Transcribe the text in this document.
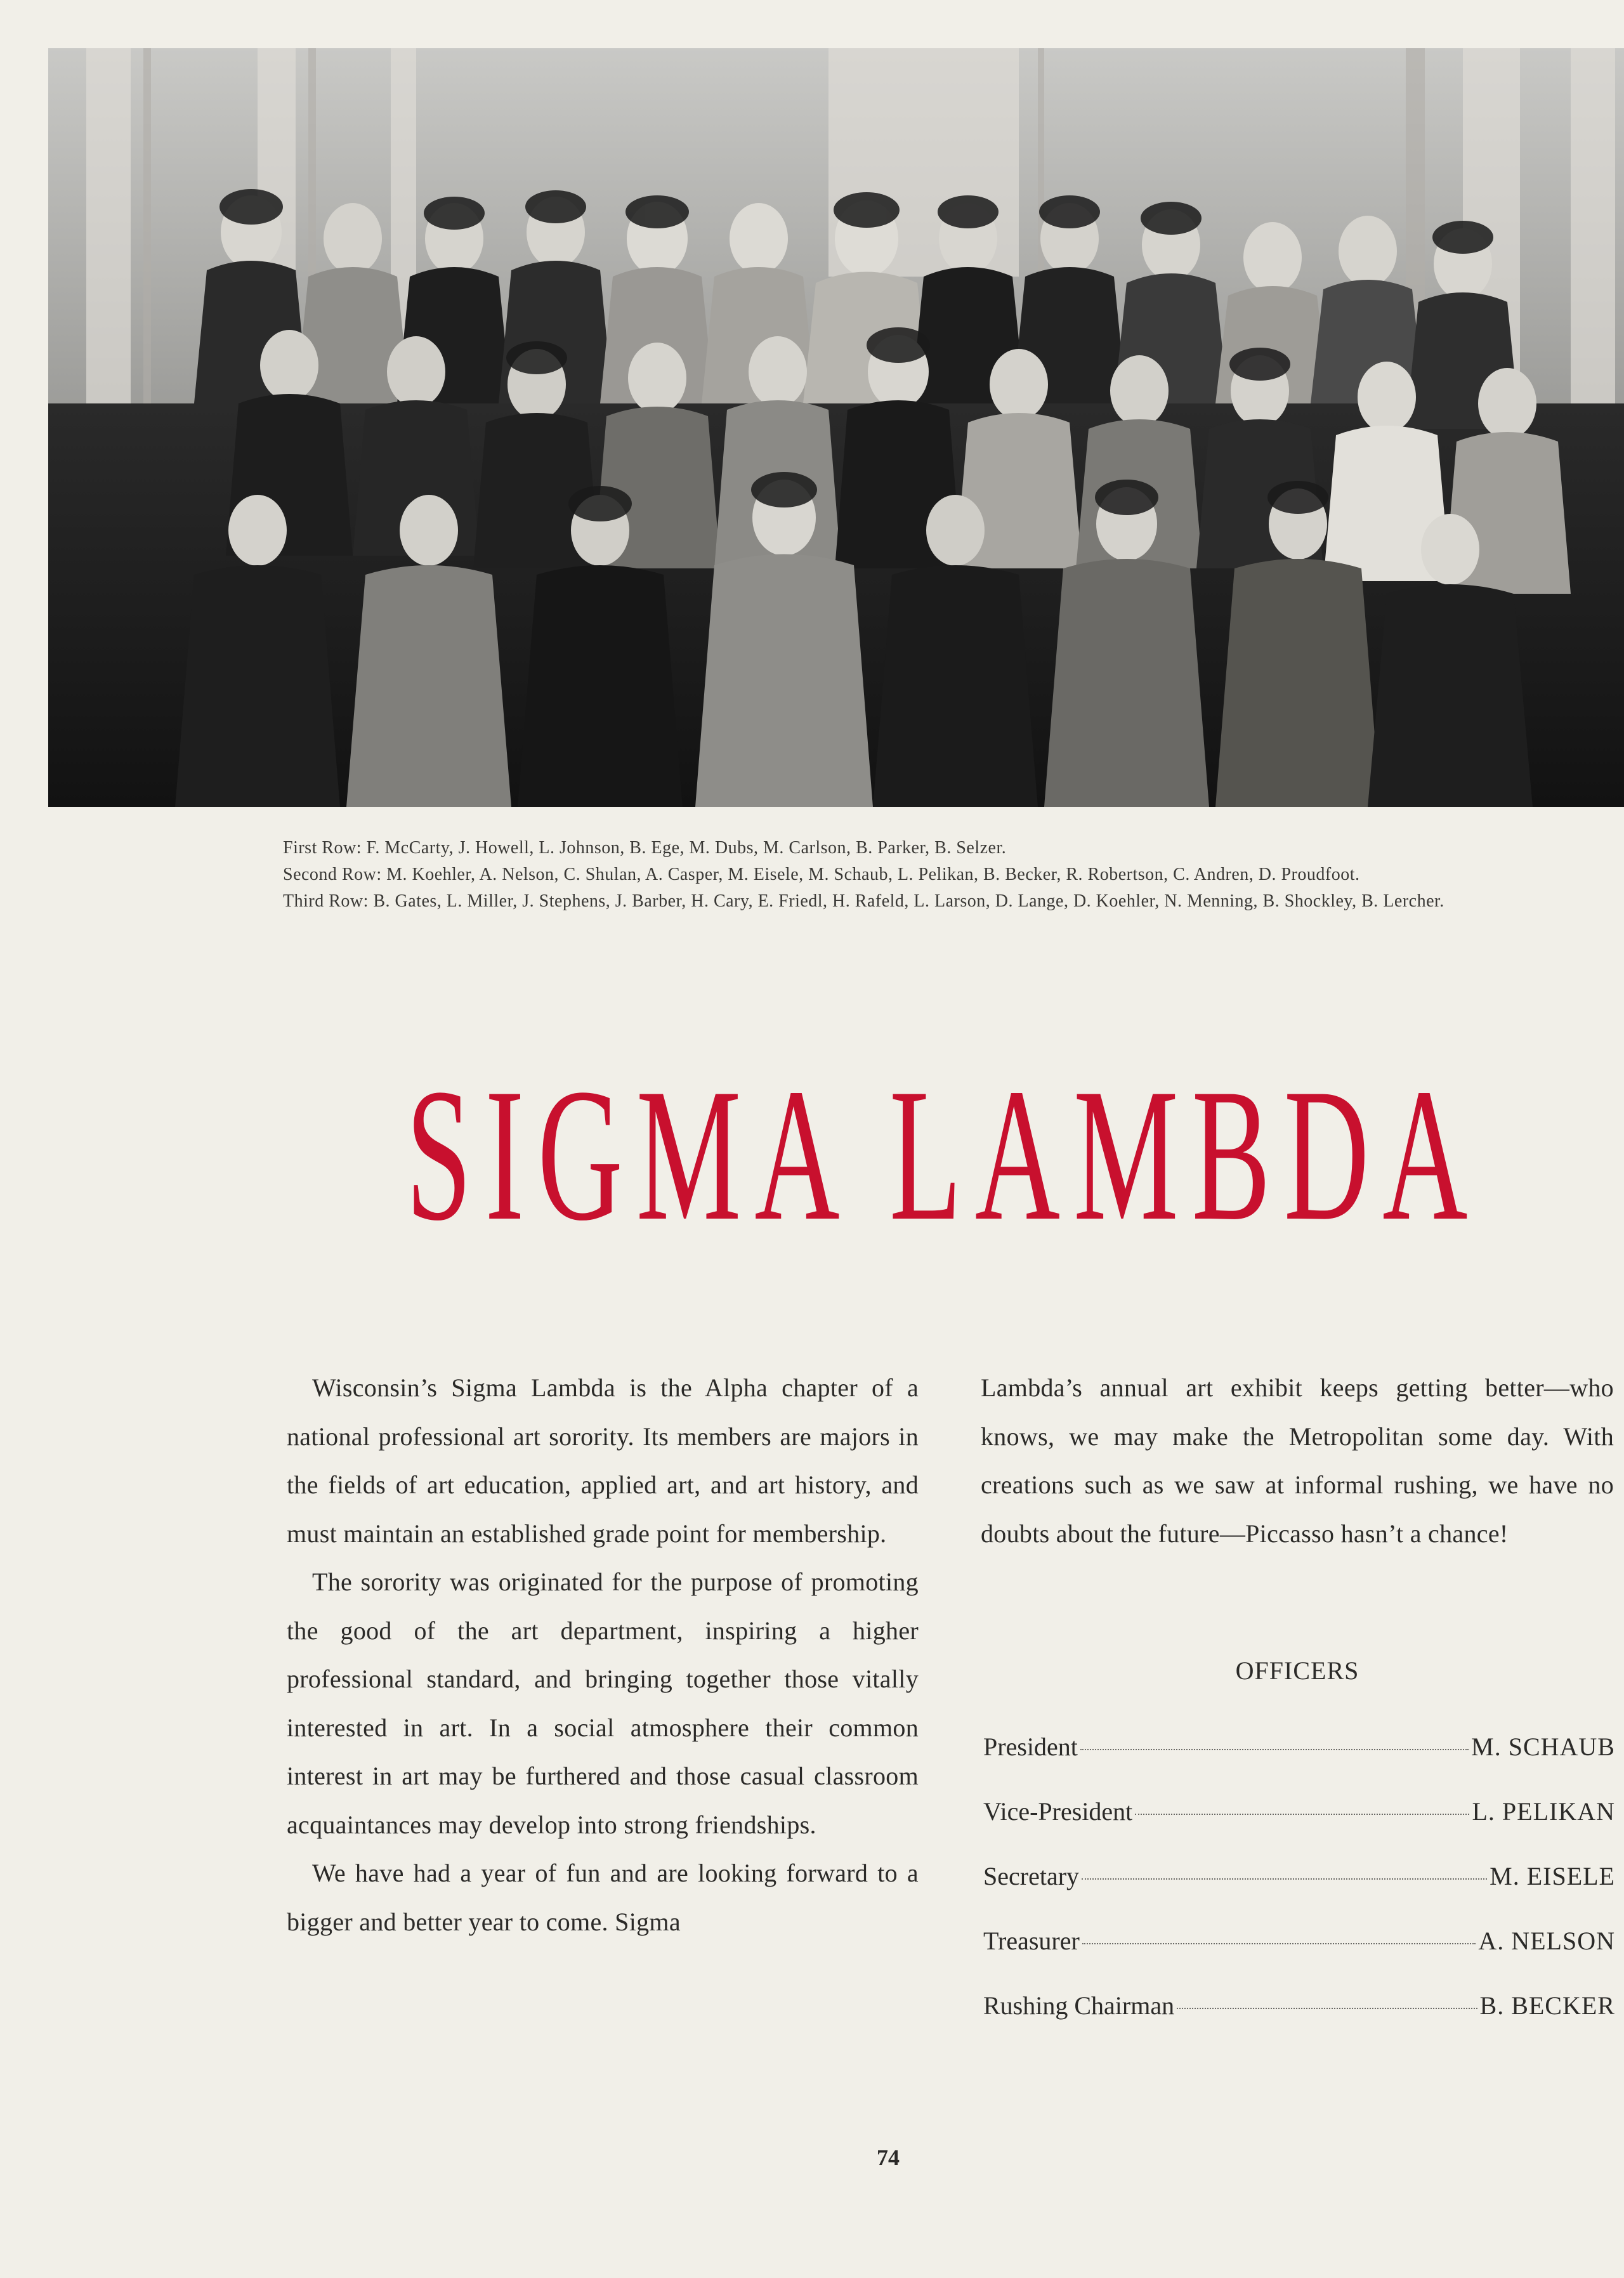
First Row: F. McCarty, J. Howell, L. Johnson, B. Ege, M. Dubs, M. Carlson, B. Parker, B. Selzer.

Second Row: M. Koehler, A. Nelson, C. Shulan, A. Casper, M. Eisele, M. Schaub, L. Pelikan, B. Becker, R. Robertson, C. Andren, D. Proudfoot.

Third Row: B. Gates, L. Miller, J. Stephens, J. Barber, H. Cary, E. Friedl, H. Rafeld, L. Larson, D. Lange, D. Koehler, N. Menning, B. Shockley, B. Lercher.

SIGMA LAMBDA

Wisconsin’s Sigma Lambda is the Alpha chapter of a national professional art sorority. Its members are majors in the fields of art education, applied art, and art history, and must maintain an established grade point for membership.

The sorority was originated for the purpose of promoting the good of the art department, inspiring a higher professional standard, and bringing together those vitally interested in art. In a social atmosphere their common interest in art may be furthered and those casual classroom acquaintances may develop into strong friendships.

We have had a year of fun and are looking forward to a bigger and better year to come. Sigma

Lambda’s annual art exhibit keeps getting better—who knows, we may make the Metropolitan some day. With creations such as we saw at informal rushing, we have no doubts about the future—Piccasso hasn’t a chance!

OFFICERS
President	M. SCHAUB
Vice-President	L. PELIKAN
Secretary	M. EISELE
Treasurer	A. NELSON
Rushing Chairman	B. BECKER
74
